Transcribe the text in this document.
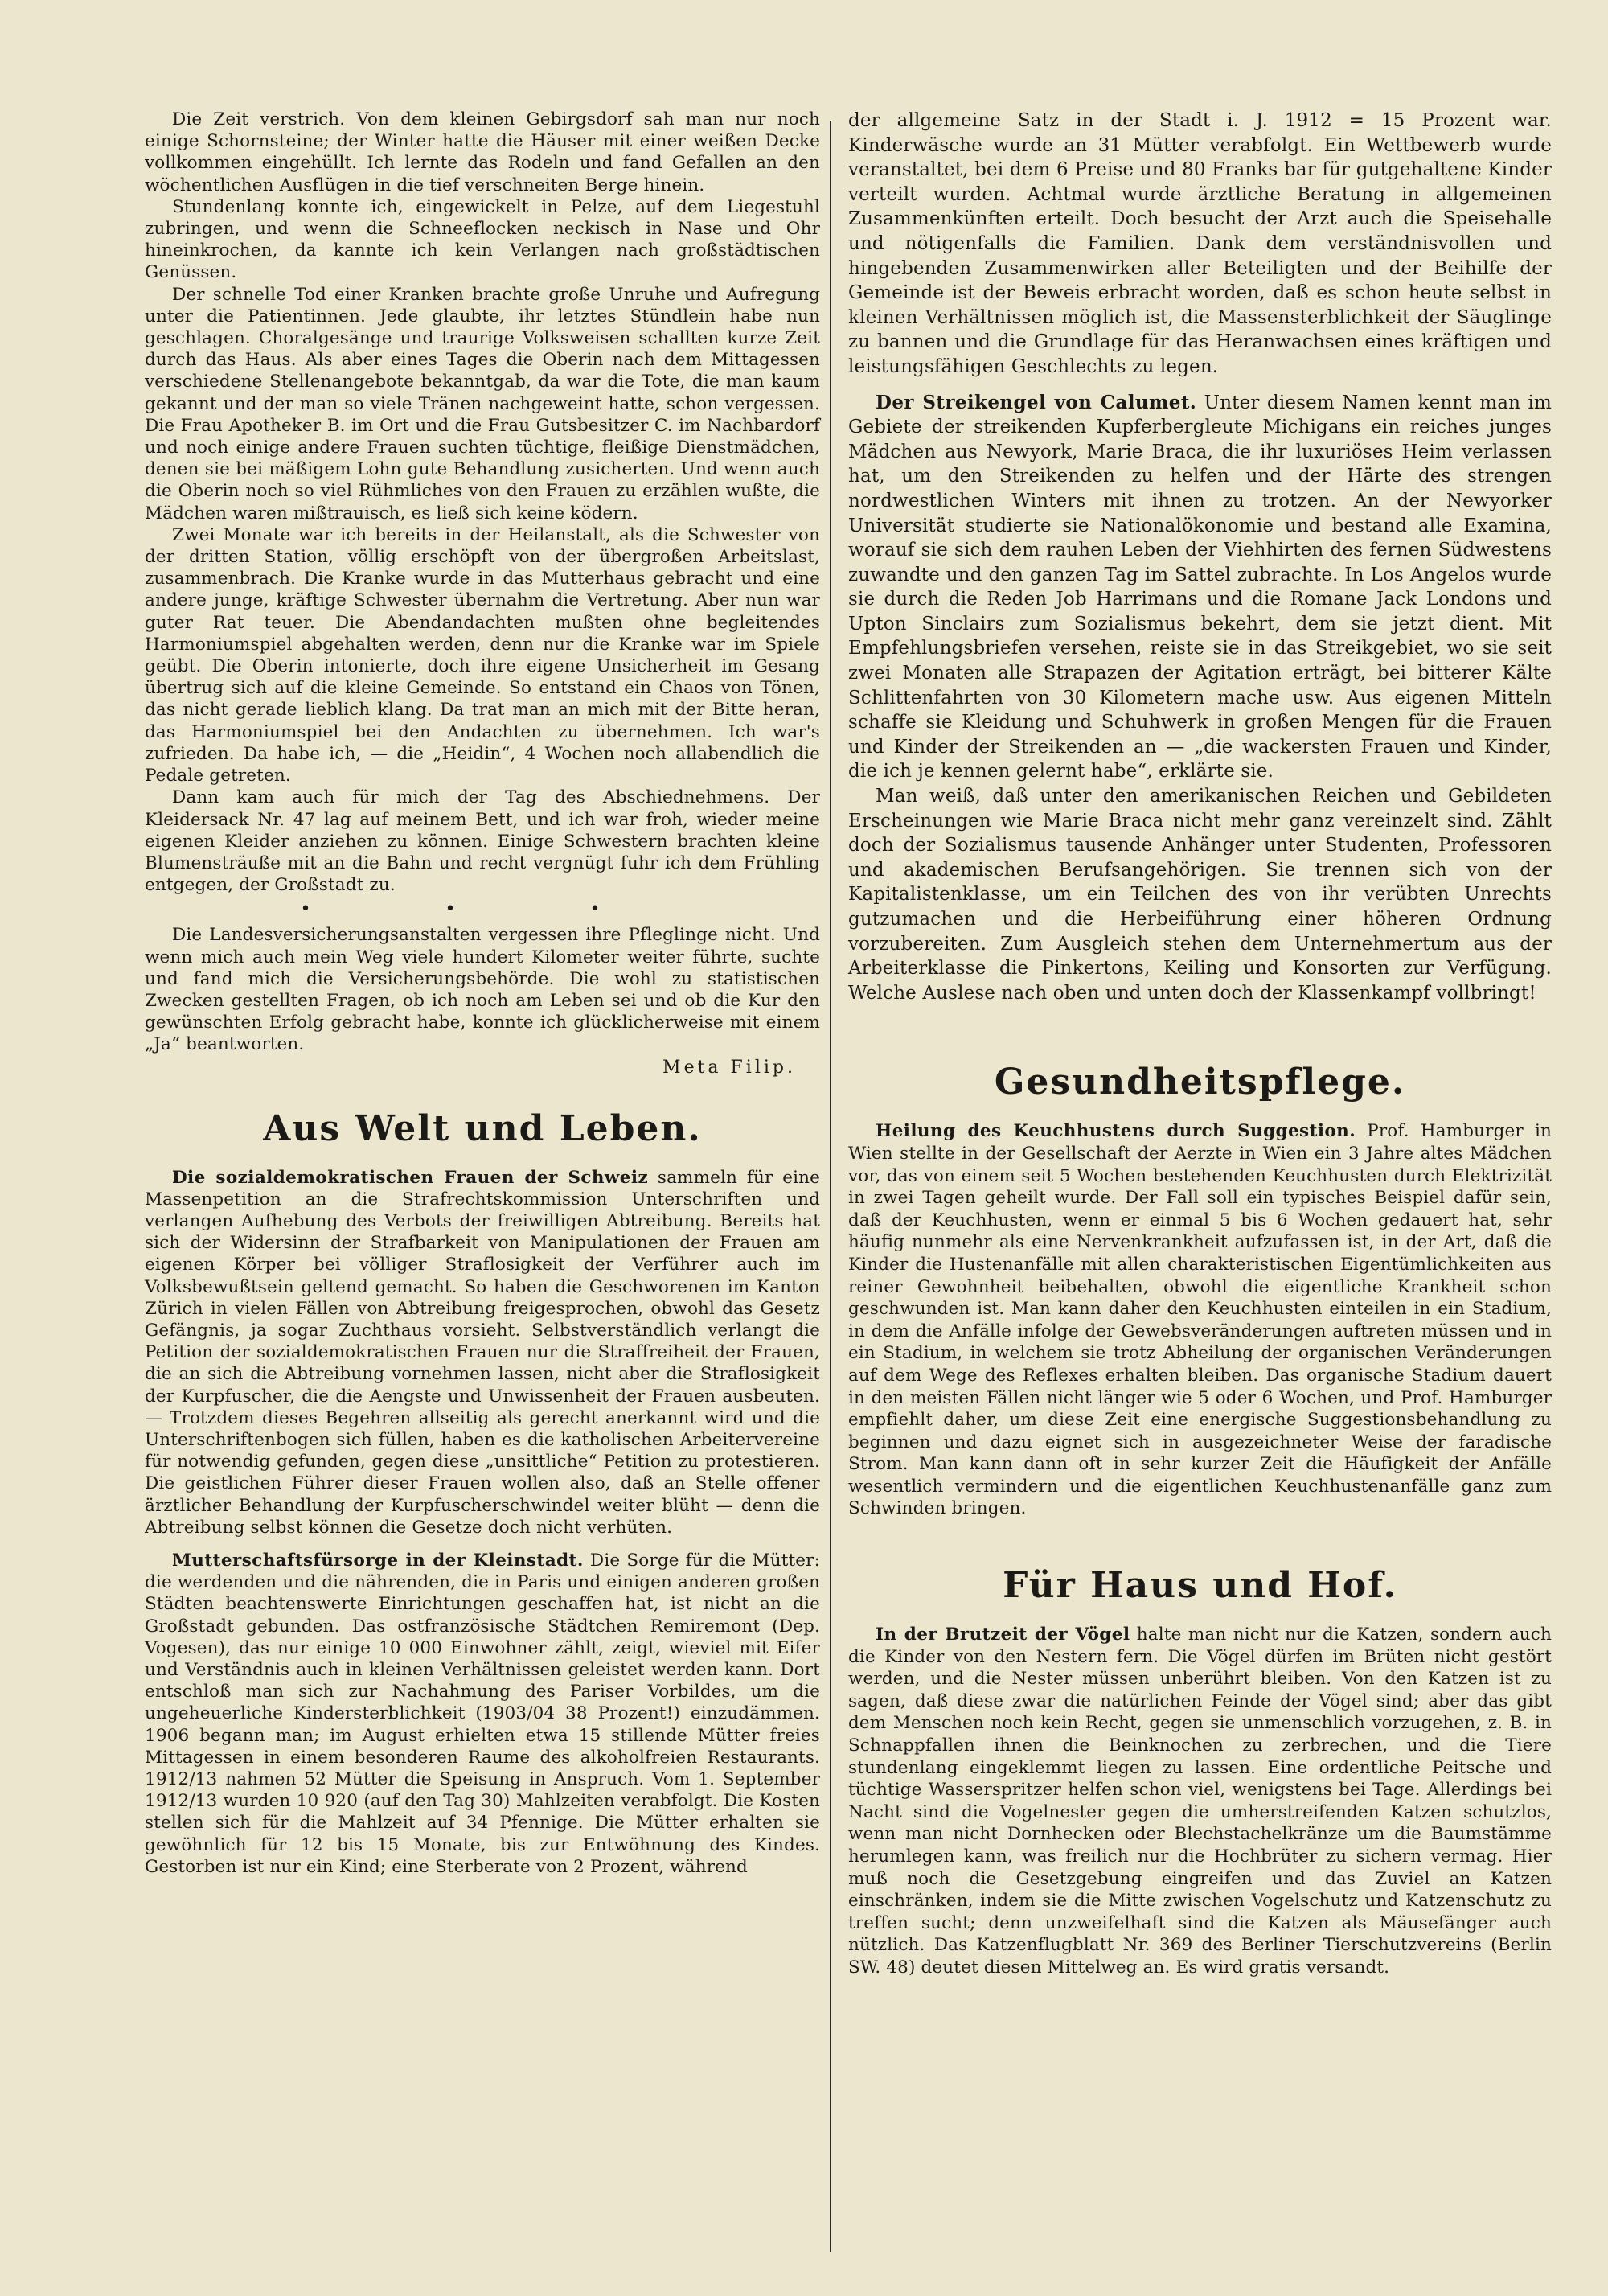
Die Zeit verstrich. Von dem kleinen Gebirgsdorf sah man nur noch einige Schornsteine; der Winter hatte die Häuser mit einer weißen Decke vollkommen eingehüllt. Ich lernte das Rodeln und fand Gefallen an den wöchentlichen Ausflügen in die tief verschneiten Berge hinein.

Stundenlang konnte ich, eingewickelt in Pelze, auf dem Liegestuhl zubringen, und wenn die Schneeflocken neckisch in Nase und Ohr hineinkrochen, da kannte ich kein Verlangen nach großstädtischen Genüssen.

Der schnelle Tod einer Kranken brachte große Unruhe und Aufregung unter die Patientinnen. Jede glaubte, ihr letztes Stündlein habe nun geschlagen. Choralgesänge und traurige Volksweisen schallten kurze Zeit durch das Haus. Als aber eines Tages die Oberin nach dem Mittagessen verschiedene Stellenangebote bekanntgab, da war die Tote, die man kaum gekannt und der man so viele Tränen nachgeweint hatte, schon vergessen. Die Frau Apotheker B. im Ort und die Frau Gutsbesitzer C. im Nachbardorf und noch einige andere Frauen suchten tüchtige, fleißige Dienstmädchen, denen sie bei mäßigem Lohn gute Behandlung zusicherten. Und wenn auch die Oberin noch so viel Rühmliches von den Frauen zu erzählen wußte, die Mädchen waren mißtrauisch, es ließ sich keine ködern.

Zwei Monate war ich bereits in der Heilanstalt, als die Schwester von der dritten Station, völlig erschöpft von der übergroßen Arbeitslast, zusammenbrach. Die Kranke wurde in das Mutterhaus gebracht und eine andere junge, kräftige Schwester übernahm die Vertretung. Aber nun war guter Rat teuer. Die Abendandachten mußten ohne begleitendes Harmoniumspiel abgehalten werden, denn nur die Kranke war im Spiele geübt. Die Oberin intonierte, doch ihre eigene Unsicherheit im Gesang übertrug sich auf die kleine Gemeinde. So entstand ein Chaos von Tönen, das nicht gerade lieblich klang. Da trat man an mich mit der Bitte heran, das Harmoniumspiel bei den Andachten zu übernehmen. Ich war's zufrieden. Da habe ich, — die „Heidin“, 4 Wochen noch allabendlich die Pedale getreten.

Dann kam auch für mich der Tag des Abschiednehmens. Der Kleidersack Nr. 47 lag auf meinem Bett, und ich war froh, wieder meine eigenen Kleider anziehen zu können. Einige Schwestern brachten kleine Blumensträuße mit an die Bahn und recht vergnügt fuhr ich dem Frühling entgegen, der Großstadt zu.

• • •

Die Landesversicherungsanstalten vergessen ihre Pfleglinge nicht. Und wenn mich auch mein Weg viele hundert Kilometer weiter führte, suchte und fand mich die Versicherungsbehörde. Die wohl zu statistischen Zwecken gestellten Fragen, ob ich noch am Leben sei und ob die Kur den gewünschten Erfolg gebracht habe, konnte ich glücklicherweise mit einem „Ja“ beantworten.

Meta Filip.
Aus Welt und Leben.

Die sozialdemokratischen Frauen der Schweiz sammeln für eine Massenpetition an die Strafrechtskommission Unterschriften und verlangen Aufhebung des Verbots der freiwilligen Abtreibung. Bereits hat sich der Widersinn der Strafbarkeit von Manipulationen der Frauen am eigenen Körper bei völliger Straflosigkeit der Verführer auch im Volksbewußtsein geltend gemacht. So haben die Geschworenen im Kanton Zürich in vielen Fällen von Abtreibung freigesprochen, obwohl das Gesetz Gefängnis, ja sogar Zuchthaus vorsieht. Selbstverständlich verlangt die Petition der sozialdemokratischen Frauen nur die Straffreiheit der Frauen, die an sich die Abtreibung vornehmen lassen, nicht aber die Straflosigkeit der Kurpfuscher, die die Aengste und Unwissenheit der Frauen ausbeuten. — Trotzdem dieses Begehren allseitig als gerecht anerkannt wird und die Unterschriftenbogen sich füllen, haben es die katholischen Arbeitervereine für notwendig gefunden, gegen diese „unsittliche“ Petition zu protestieren. Die geistlichen Führer dieser Frauen wollen also, daß an Stelle offener ärztlicher Behandlung der Kurpfuscherschwindel weiter blüht — denn die Abtreibung selbst können die Gesetze doch nicht verhüten.

Mutterschaftsfürsorge in der Kleinstadt. Die Sorge für die Mütter: die werdenden und die nährenden, die in Paris und einigen anderen großen Städten beachtenswerte Einrichtungen geschaffen hat, ist nicht an die Großstadt gebunden. Das ostfranzösische Städtchen Remiremont (Dep. Vogesen), das nur einige 10 000 Einwohner zählt, zeigt, wieviel mit Eifer und Verständnis auch in kleinen Verhältnissen geleistet werden kann. Dort entschloß man sich zur Nachahmung des Pariser Vorbildes, um die ungeheuerliche Kindersterblichkeit (1903/04 38 Prozent!) einzudämmen. 1906 begann man; im August erhielten etwa 15 stillende Mütter freies Mittagessen in einem besonderen Raume des alkoholfreien Restaurants. 1912/13 nahmen 52 Mütter die Speisung in Anspruch. Vom 1. September 1912/13 wurden 10 920 (auf den Tag 30) Mahlzeiten verabfolgt. Die Kosten stellen sich für die Mahlzeit auf 34 Pfennige. Die Mütter erhalten sie gewöhnlich für 12 bis 15 Monate, bis zur Entwöhnung des Kindes. Gestorben ist nur ein Kind; eine Sterberate von 2 Prozent, während

der allgemeine Satz in der Stadt i. J. 1912 = 15 Prozent war. Kinderwäsche wurde an 31 Mütter verabfolgt. Ein Wettbewerb wurde veranstaltet, bei dem 6 Preise und 80 Franks bar für gutgehaltene Kinder verteilt wurden. Achtmal wurde ärztliche Beratung in allgemeinen Zusammenkünften erteilt. Doch besucht der Arzt auch die Speisehalle und nötigenfalls die Familien. Dank dem verständnisvollen und hingebenden Zusammenwirken aller Beteiligten und der Beihilfe der Gemeinde ist der Beweis erbracht worden, daß es schon heute selbst in kleinen Verhältnissen möglich ist, die Massensterblichkeit der Säuglinge zu bannen und die Grundlage für das Heranwachsen eines kräftigen und leistungsfähigen Geschlechts zu legen.

Der Streikengel von Calumet. Unter diesem Namen kennt man im Gebiete der streikenden Kupferbergleute Michigans ein reiches junges Mädchen aus Newyork, Marie Braca, die ihr luxuriöses Heim verlassen hat, um den Streikenden zu helfen und der Härte des strengen nordwestlichen Winters mit ihnen zu trotzen. An der Newyorker Universität studierte sie Nationalökonomie und bestand alle Examina, worauf sie sich dem rauhen Leben der Viehhirten des fernen Südwestens zuwandte und den ganzen Tag im Sattel zubrachte. In Los Angelos wurde sie durch die Reden Job Harrimans und die Romane Jack Londons und Upton Sinclairs zum Sozialismus bekehrt, dem sie jetzt dient. Mit Empfehlungsbriefen versehen, reiste sie in das Streikgebiet, wo sie seit zwei Monaten alle Strapazen der Agitation erträgt, bei bitterer Kälte Schlittenfahrten von 30 Kilometern mache usw. Aus eigenen Mitteln schaffe sie Kleidung und Schuhwerk in großen Mengen für die Frauen und Kinder der Streikenden an — „die wackersten Frauen und Kinder, die ich je kennen gelernt habe“, erklärte sie.

Man weiß, daß unter den amerikanischen Reichen und Gebildeten Erscheinungen wie Marie Braca nicht mehr ganz vereinzelt sind. Zählt doch der Sozialismus tausende Anhänger unter Studenten, Professoren und akademischen Berufsangehörigen. Sie trennen sich von der Kapitalistenklasse, um ein Teilchen des von ihr verübten Unrechts gutzumachen und die Herbeiführung einer höheren Ordnung vorzubereiten. Zum Ausgleich stehen dem Unternehmertum aus der Arbeiterklasse die Pinkertons, Keiling und Konsorten zur Verfügung. Welche Auslese nach oben und unten doch der Klassenkampf vollbringt!

Gesundheitspflege.

Heilung des Keuchhustens durch Suggestion. Prof. Hamburger in Wien stellte in der Gesellschaft der Aerzte in Wien ein 3 Jahre altes Mädchen vor, das von einem seit 5 Wochen bestehenden Keuchhusten durch Elektrizität in zwei Tagen geheilt wurde. Der Fall soll ein typisches Beispiel dafür sein, daß der Keuchhusten, wenn er einmal 5 bis 6 Wochen gedauert hat, sehr häufig nunmehr als eine Nervenkrankheit aufzufassen ist, in der Art, daß die Kinder die Hustenanfälle mit allen charakteristischen Eigentümlichkeiten aus reiner Gewohnheit beibehalten, obwohl die eigentliche Krankheit schon geschwunden ist. Man kann daher den Keuchhusten einteilen in ein Stadium, in dem die Anfälle infolge der Gewebsveränderungen auftreten müssen und in ein Stadium, in welchem sie trotz Abheilung der organischen Veränderungen auf dem Wege des Reflexes erhalten bleiben. Das organische Stadium dauert in den meisten Fällen nicht länger wie 5 oder 6 Wochen, und Prof. Hamburger empfiehlt daher, um diese Zeit eine energische Suggestionsbehandlung zu beginnen und dazu eignet sich in ausgezeichneter Weise der faradische Strom. Man kann dann oft in sehr kurzer Zeit die Häufigkeit der Anfälle wesentlich vermindern und die eigentlichen Keuchhustenanfälle ganz zum Schwinden bringen.

Für Haus und Hof.

In der Brutzeit der Vögel halte man nicht nur die Katzen, sondern auch die Kinder von den Nestern fern. Die Vögel dürfen im Brüten nicht gestört werden, und die Nester müssen unberührt bleiben. Von den Katzen ist zu sagen, daß diese zwar die natürlichen Feinde der Vögel sind; aber das gibt dem Menschen noch kein Recht, gegen sie unmenschlich vorzugehen, z. B. in Schnappfallen ihnen die Beinknochen zu zerbrechen, und die Tiere stundenlang eingeklemmt liegen zu lassen. Eine ordentliche Peitsche und tüchtige Wasserspritzer helfen schon viel, wenigstens bei Tage. Allerdings bei Nacht sind die Vogelnester gegen die umherstreifenden Katzen schutzlos, wenn man nicht Dornhecken oder Blechstachelkränze um die Baumstämme herumlegen kann, was freilich nur die Hochbrüter zu sichern vermag. Hier muß noch die Gesetzgebung eingreifen und das Zuviel an Katzen einschränken, indem sie die Mitte zwischen Vogelschutz und Katzenschutz zu treffen sucht; denn unzweifelhaft sind die Katzen als Mäusefänger auch nützlich. Das Katzenflugblatt Nr. 369 des Berliner Tierschutzvereins (Berlin SW. 48) deutet diesen Mittelweg an. Es wird gratis versandt.
